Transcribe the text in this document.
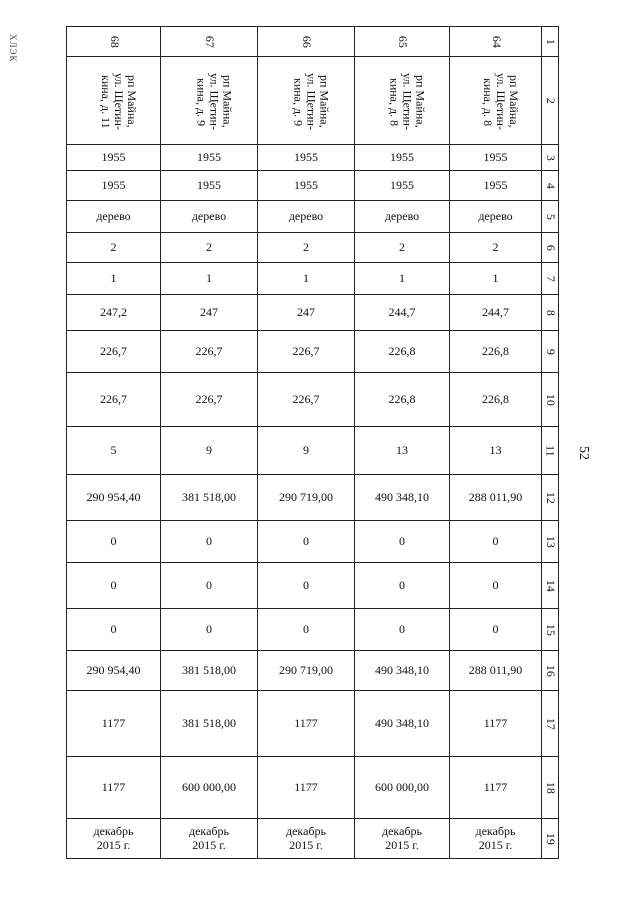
ХЛЭК
52
68	67	66	65	64	1
рп Майна,
ул. Щетин-
кина, д. 11	рп Майна,
ул. Щетин-
кина, д. 9	рп Майна,
ул. Щетин-
кина, д. 9	рп Майна,
ул. Щетин-
кина, д. 8	рп Майна,
ул. Щетин-
кина, д. 8	2
1955	1955	1955	1955	1955	3
1955	1955	1955	1955	1955	4
дерево	дерево	дерево	дерево	дерево	5
2	2	2	2	2	6
1	1	1	1	1	7
247,2	247	247	244,7	244,7	8
226,7	226,7	226,7	226,8	226,8	9
226,7	226,7	226,7	226,8	226,8	10
5	9	9	13	13	11
290 954,40	381 518,00	290 719,00	490 348,10	288 011,90	12
0	0	0	0	0	13
0	0	0	0	0	14
0	0	0	0	0	15
290 954,40	381 518,00	290 719,00	490 348,10	288 011,90	16
1177	381 518,00	1177	490 348,10	1177	17
1177	600 000,00	1177	600 000,00	1177	18
декабрь
2015 г.	декабрь
2015 г.	декабрь
2015 г.	декабрь
2015 г.	декабрь
2015 г.	19
